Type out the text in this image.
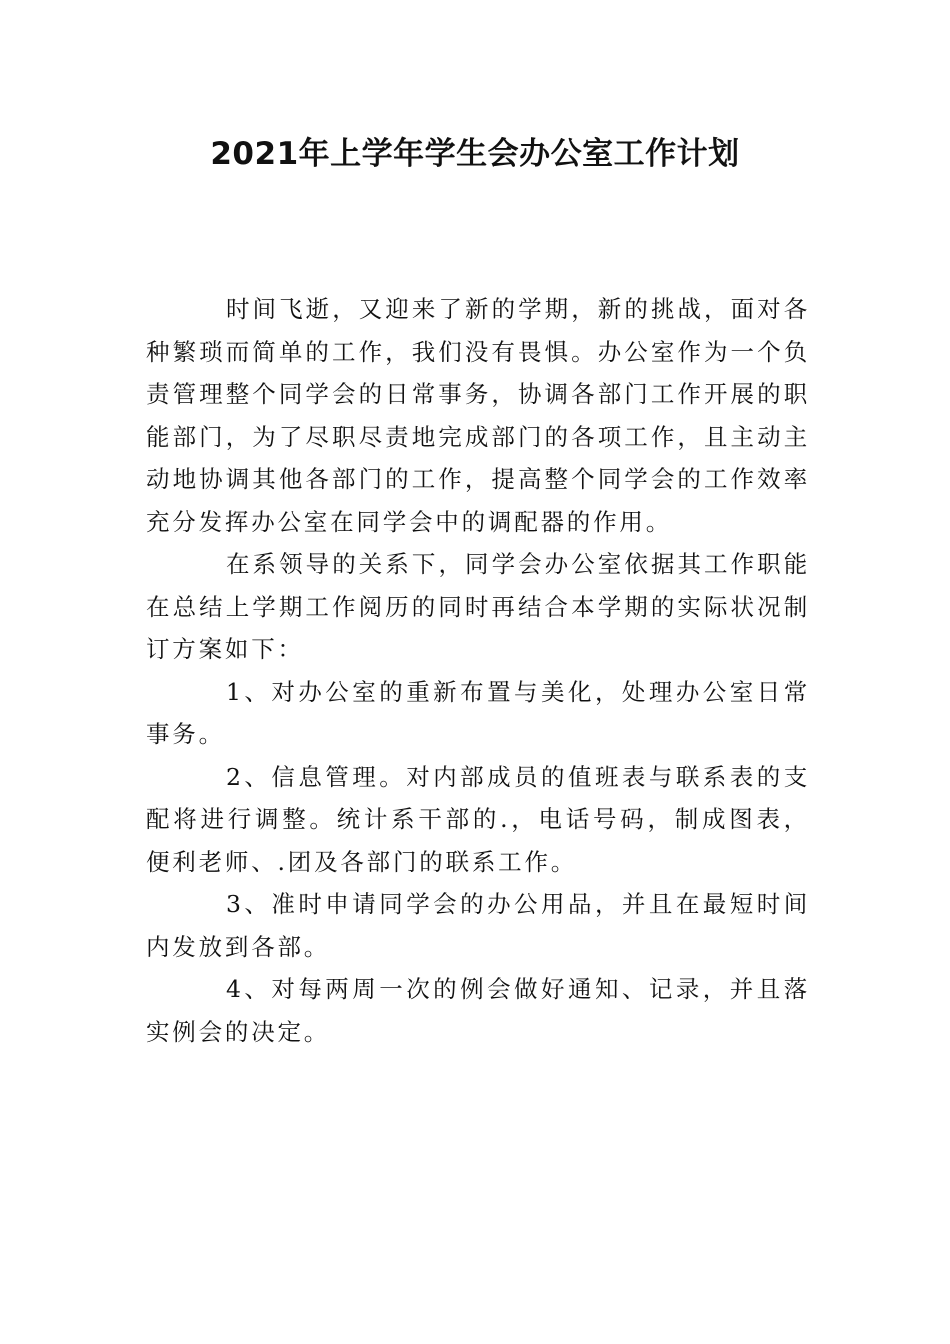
2021年上学年学生会办公室工作计划

时间飞逝，又迎来了新的学期，新的挑战，面对各种繁琐而简单的工作，我们没有畏惧。办公室作为一个负责管理整个同学会的日常事务，协调各部门工作开展的职能部门，为了尽职尽责地完成部门的各项工作，且主动主动地协调其他各部门的工作，提高整个同学会的工作效率充分发挥办公室在同学会中的调配器的作用。

在系领导的关系下，同学会办公室依据其工作职能在总结上学期工作阅历的同时再结合本学期的实际状况制订方案如下：

1、对办公室的重新布置与美化，处理办公室日常事务。

2、信息管理。对内部成员的值班表与联系表的支配将进行调整。统计系干部的.，电话号码，制成图表， 便利老师、.团及各部门的联系工作。

3、准时申请同学会的办公用品，并且在最短时间内发放到各部。

4、对每两周一次的例会做好通知、记录，并且落实例会的决定。
